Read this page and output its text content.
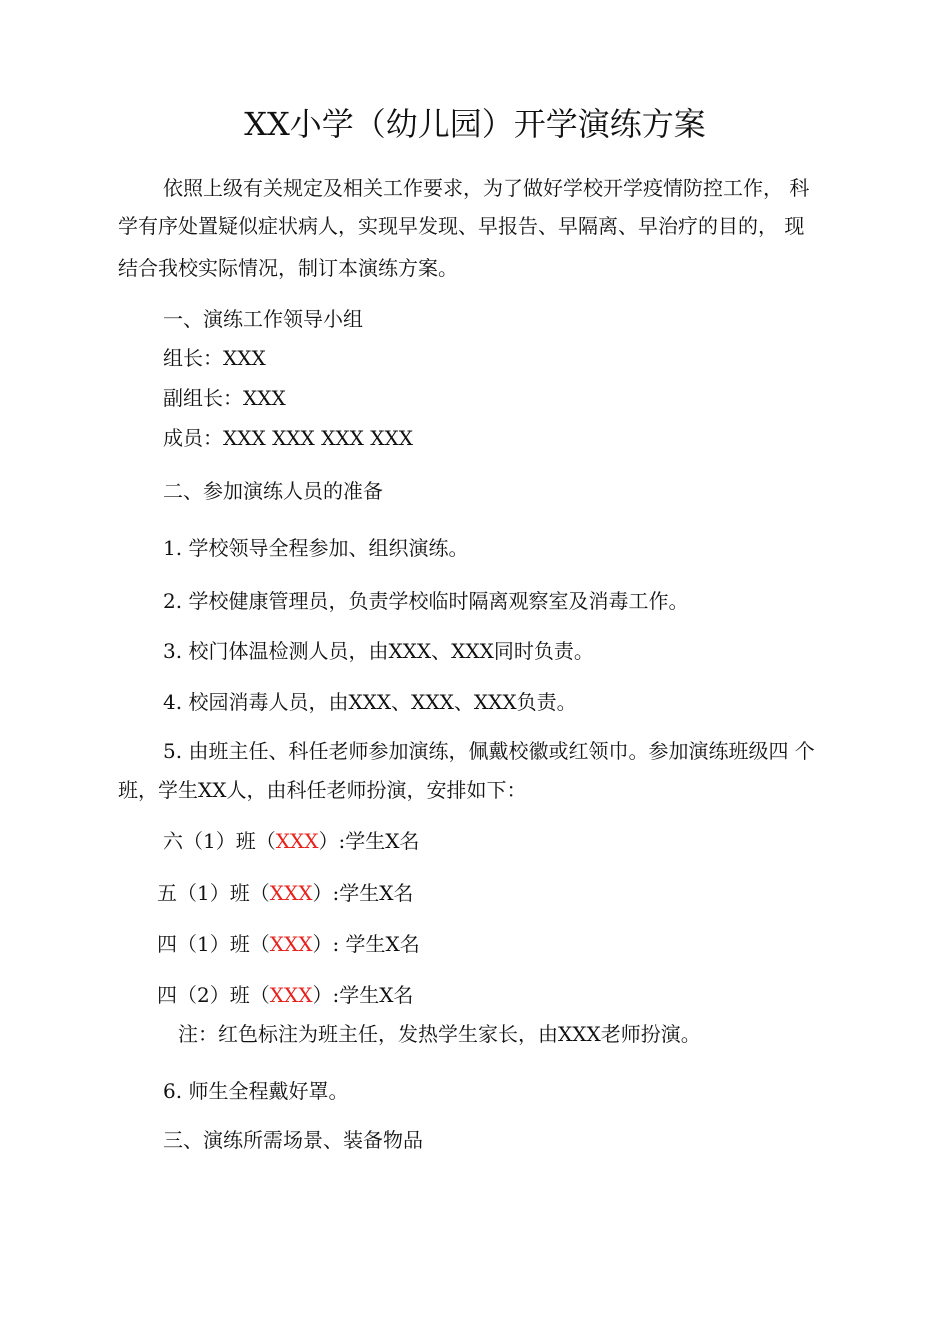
XX小学（幼儿园）开学演练方案
依照上级有关规定及相关工作要求，为了做好学校开学疫情防控工作， 科
学有序处置疑似症状病人，实现早发现、早报告、早隔离、早治疗的目的， 现
结合我校实际情况，制订本演练方案。
一、演练工作领导小组
组长：XXX
副组长：XXX
成员：XXX XXX XXX XXX
二、参加演练人员的准备
1. 学校领导全程参加、组织演练。
2. 学校健康管理员，负责学校临时隔离观察室及消毒工作。
3. 校门体温检测人员，由XXX、XXX同时负责。
4. 校园消毒人员，由XXX、XXX、XXX负责。
5. 由班主任、科任老师参加演练，佩戴校徽或红领巾。参加演练班级四 个
班，学生XX人，由科任老师扮演，安排如下：
六（1）班（XXX）:学生X名
五（1）班（XXX）:学生X名
四（1）班（XXX）: 学生X名
四（2）班（XXX）:学生X名
注：红色标注为班主任，发热学生家长，由XXX老师扮演。
6. 师生全程戴好罩。
三、演练所需场景、装备物品
